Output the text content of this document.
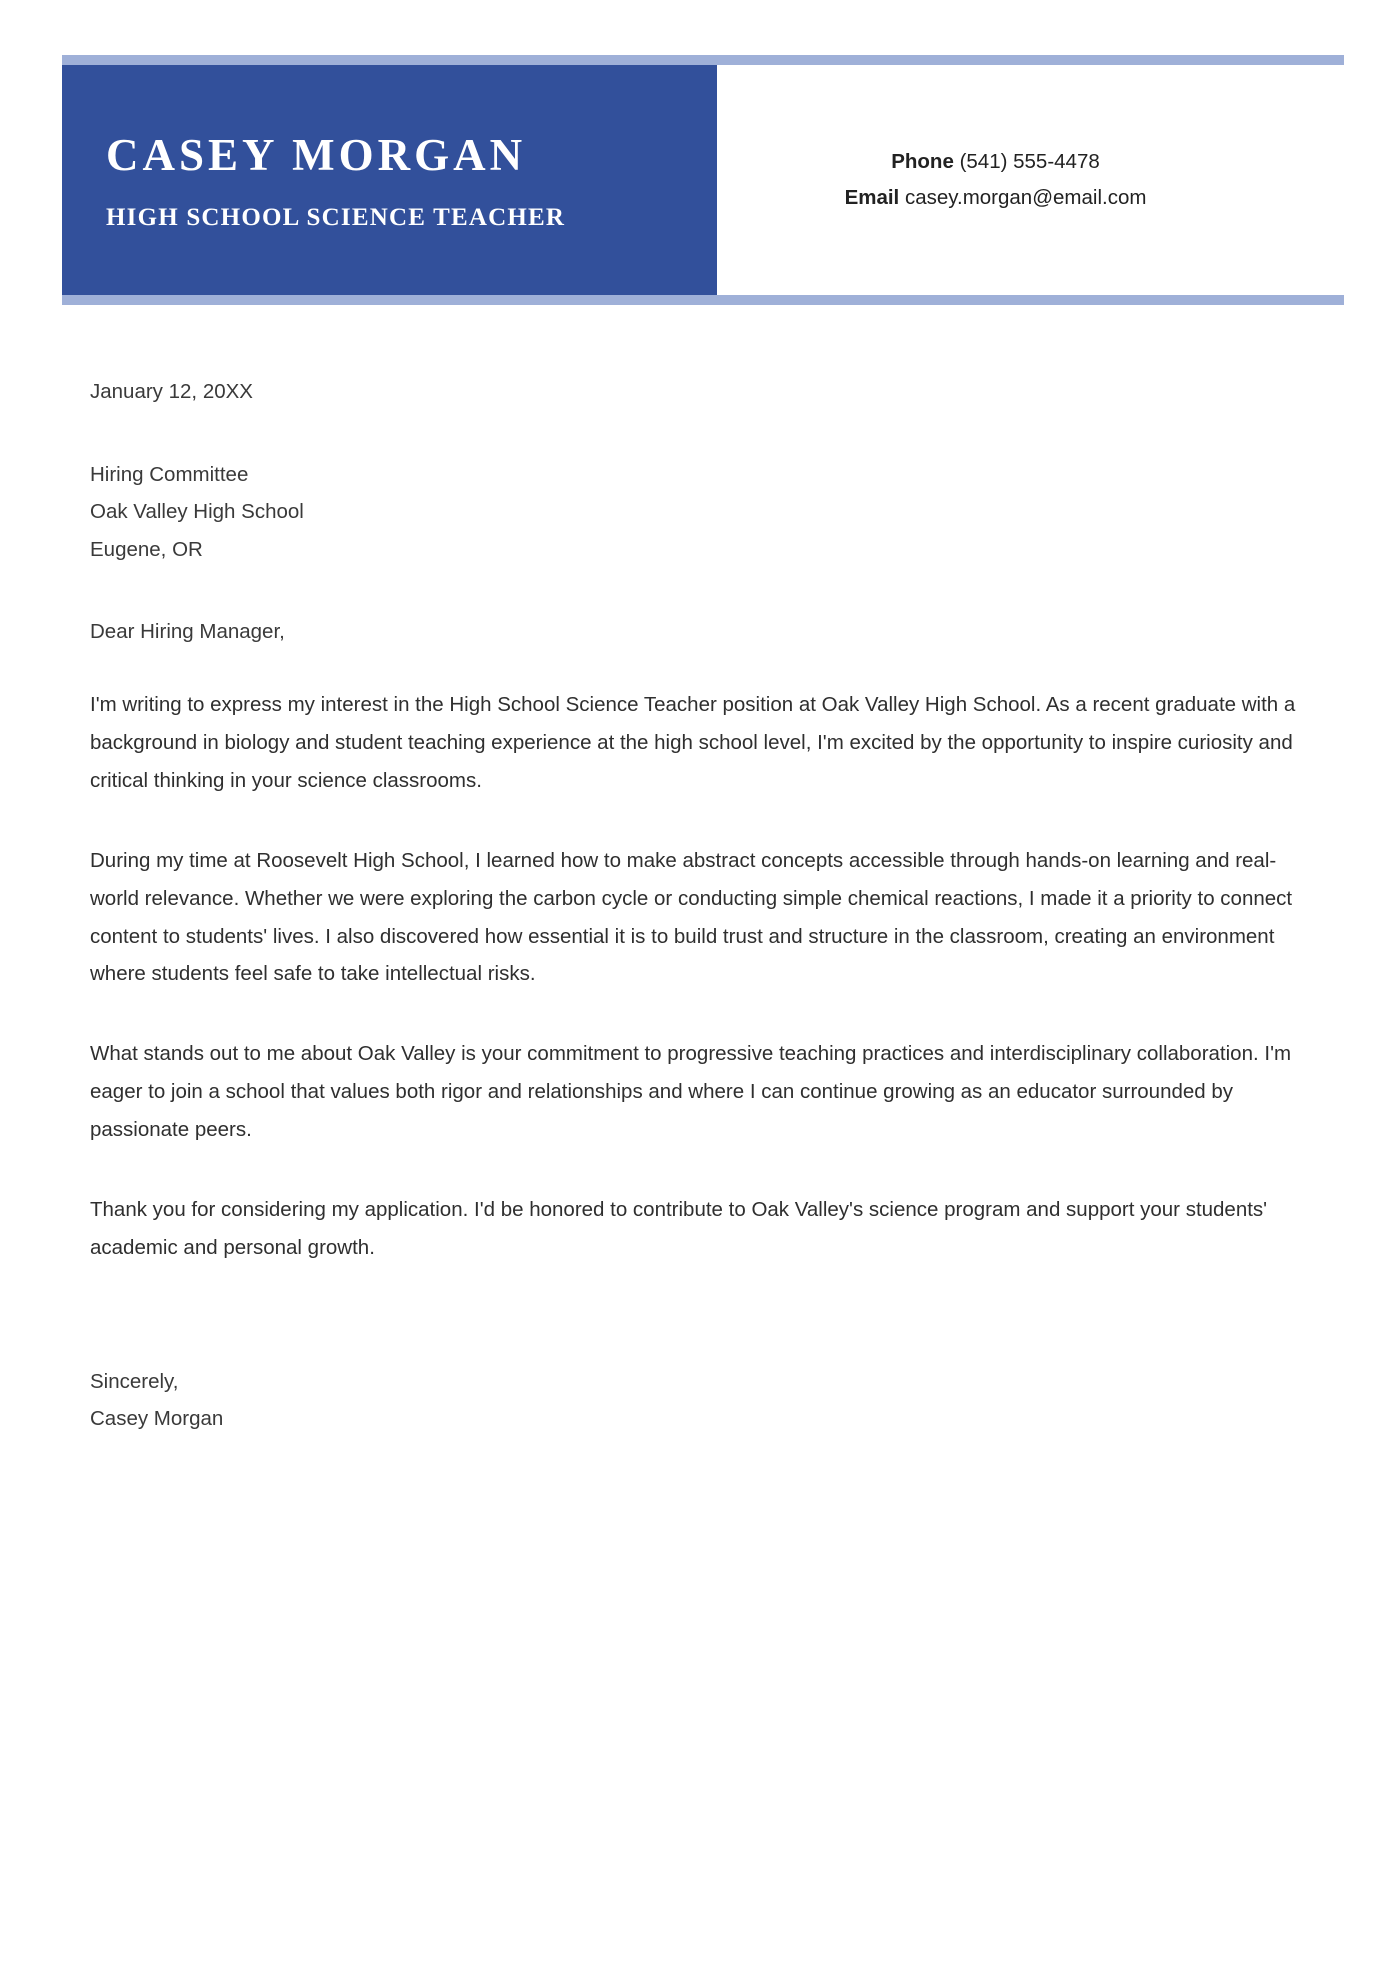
CASEY MORGAN
HIGH SCHOOL SCIENCE TEACHER
Phone (541) 555-4478
Email casey.morgan@email.com
January 12, 20XX
Hiring Committee
Oak Valley High School
Eugene, OR
Dear Hiring Manager,
I'm writing to express my interest in the High School Science Teacher position at Oak Valley High School. As a recent graduate with a background in biology and student teaching experience at the high school level, I'm excited by the opportunity to inspire curiosity and critical thinking in your science classrooms.
During my time at Roosevelt High School, I learned how to make abstract concepts accessible through hands-on learning and real-world relevance. Whether we were exploring the carbon cycle or conducting simple chemical reactions, I made it a priority to connect content to students' lives. I also discovered how essential it is to build trust and structure in the classroom, creating an environment where students feel safe to take intellectual risks.
What stands out to me about Oak Valley is your commitment to progressive teaching practices and interdisciplinary collaboration. I'm eager to join a school that values both rigor and relationships and where I can continue growing as an educator surrounded by passionate peers.
Thank you for considering my application. I'd be honored to contribute to Oak Valley's science program and support your students' academic and personal growth.
Sincerely,
Casey Morgan
